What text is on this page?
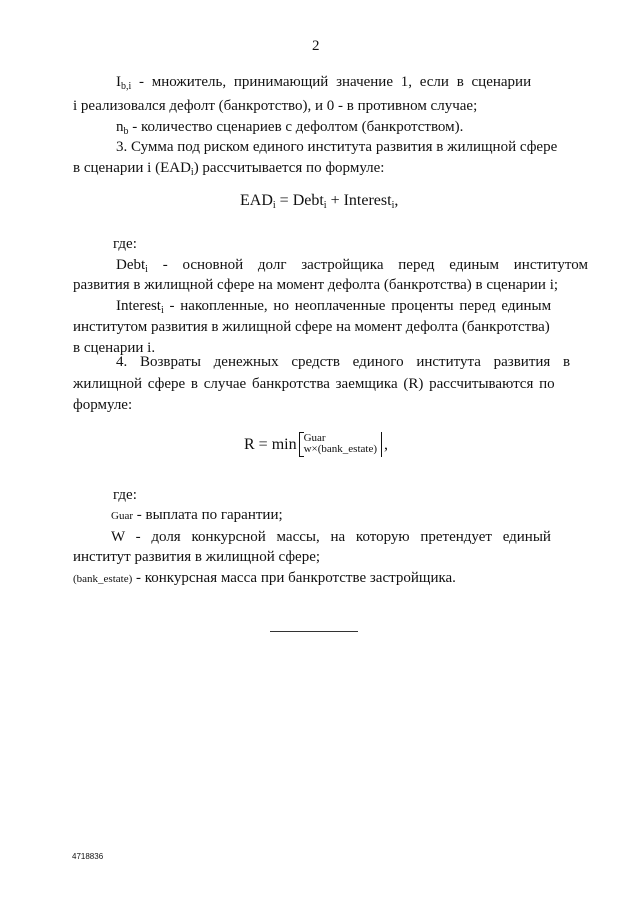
2
$I_{b,i}$ - множитель, принимающий значение 1, если в сценарии
i реализовался дефолт (банкротство), и 0 - в противном случае;
$n_b$ - количество сценариев с дефолтом (банкротством).
3. Сумма под риском единого института развития в жилищной сфере
в сценарии i $(EAD_i)$ рассчитывается по формуле:
$EAD_i$ = Debt$_i$ + Interest$_i$,
где:
Debt$_i$ - основной долг застройщика перед единым институтом
развития в жилищной сфере на момент дефолта (банкротства) в сценарии i;
Interest$_i$ - накопленные, но неоплаченные проценты перед единым
институтом развития в жилищной сфере на момент дефолта (банкротства)
в сценарии i.
4. Возвраты денежных средств единого института развития в
жилищной сфере в случае банкротства заемщика (R) рассчитываются по
формуле:
R = min Guar
w×(bank_estate) ,
где:
Guar - выплата по гарантии;
W - доля конкурсной массы, на которую претендует единый
институт развития в жилищной сфере;
(bank_estate) - конкурсная масса при банкротстве застройщика.
4718836
